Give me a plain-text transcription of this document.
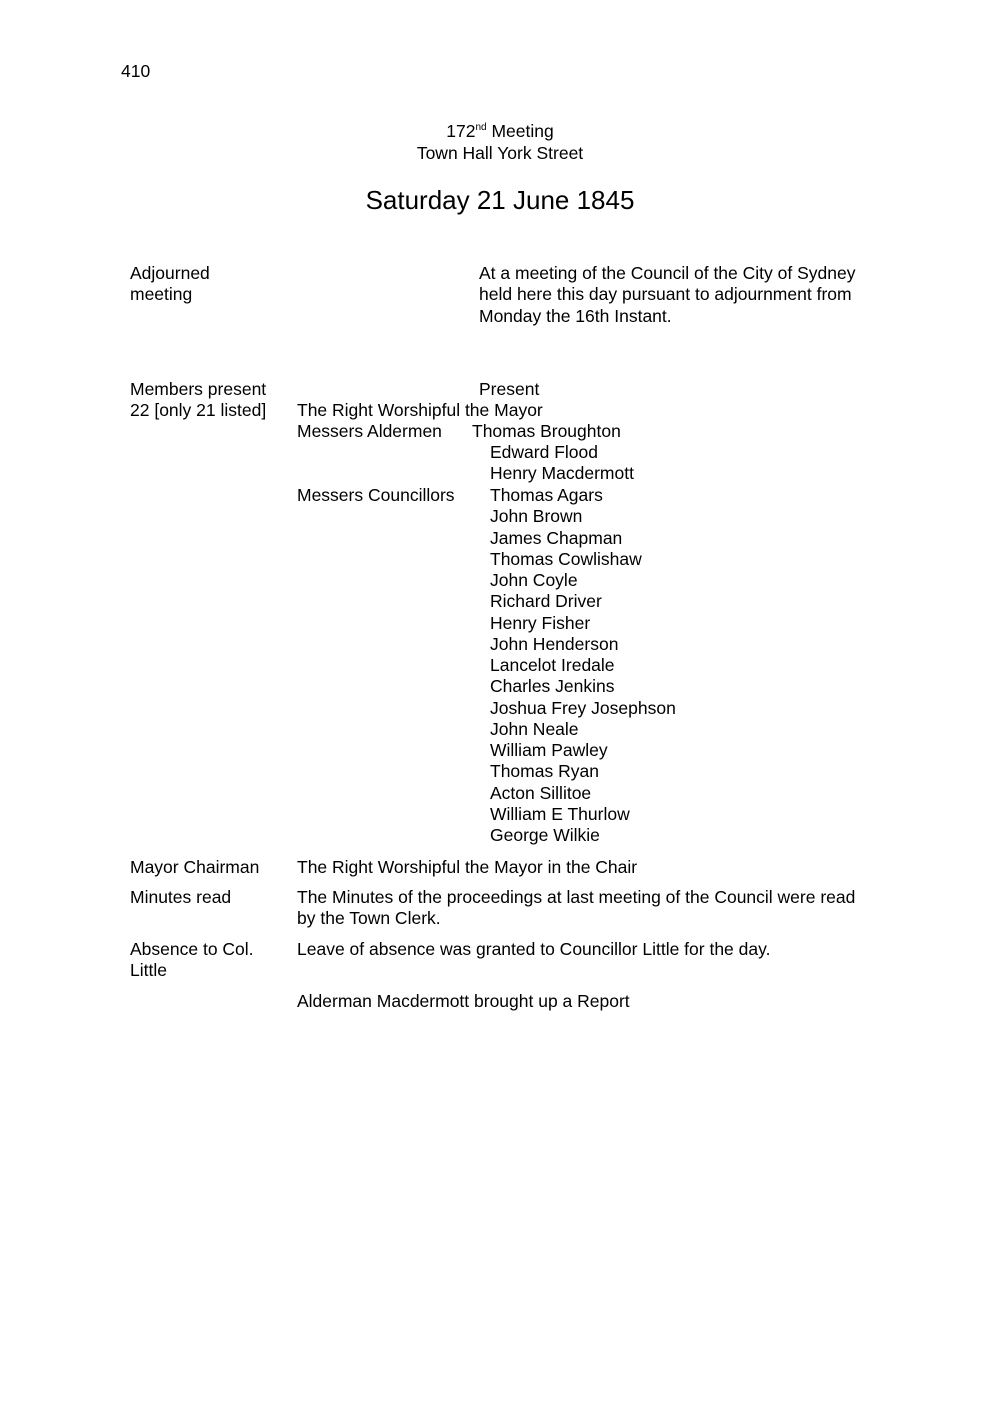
410
172nd Meeting
Town Hall York Street
Saturday 21 June 1845
Adjourned
meeting
At a meeting of the Council of the City of Sydney
held here this day pursuant to adjournment from
Monday the 16th Instant.
Members present
22 [only 21 listed]
Present
The Right Worshipful the Mayor
Messers Aldermen Thomas Broughton
Edward Flood
Henry Macdermott
Messers Councillors Thomas Agars
John Brown
James Chapman
Thomas Cowlishaw
John Coyle
Richard Driver
Henry Fisher
John Henderson
Lancelot Iredale
Charles Jenkins
Joshua Frey Josephson
John Neale
William Pawley
Thomas Ryan
Acton Sillitoe
William E Thurlow
George Wilkie
Mayor Chairman The Right Worshipful the Mayor in the Chair
Minutes read	The Minutes of the proceedings at last meeting of the Council were read
by the Town Clerk.
Absence to Col.
Little
Leave of absence was granted to Councillor Little for the day.
Alderman Macdermott brought up a Report
